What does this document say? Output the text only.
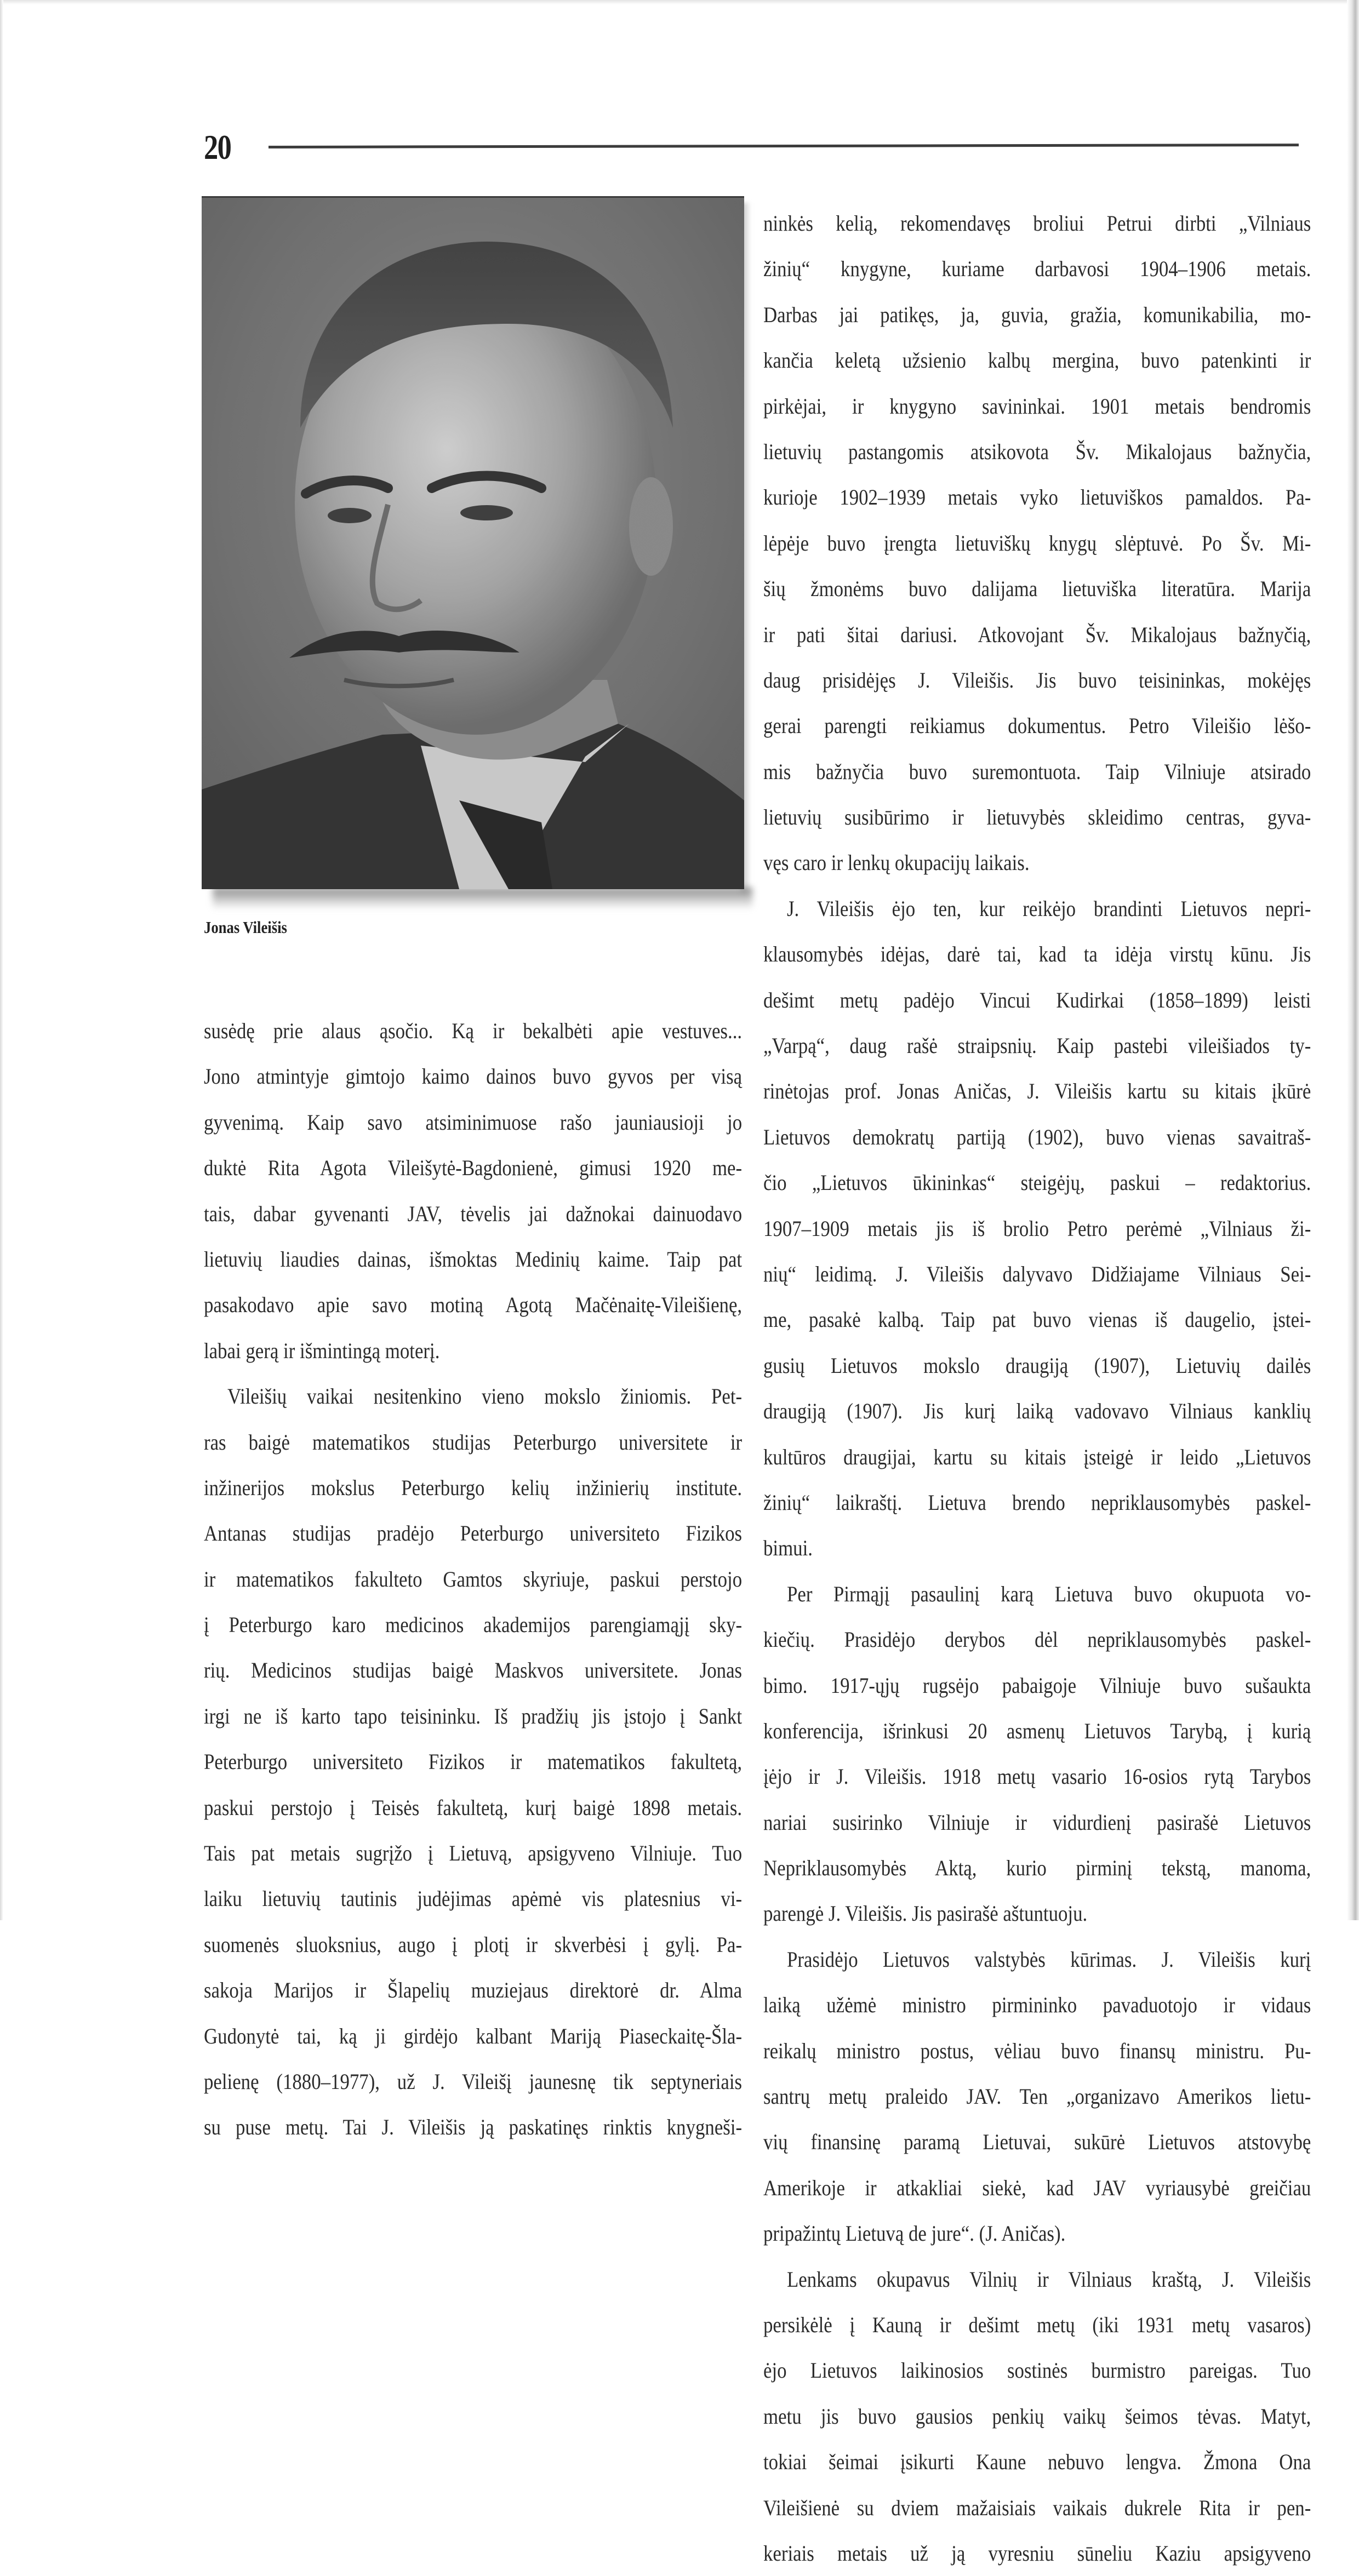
20
Jonas Vileišis
susėdę prie alaus ąsočio. Ką ir bekalbėti apie vestuves...
Jono atmintyje gimtojo kaimo dainos buvo gyvos per visą
gyvenimą. Kaip savo atsiminimuose rašo jauniausioji jo
duktė Rita Agota Vileišytė-Bagdonienė, gimusi 1920 me-
tais, dabar gyvenanti JAV, tėvelis jai dažnokai dainuodavo
lietuvių liaudies dainas, išmoktas Medinių kaime. Taip pat
pasakodavo apie savo motiną Agotą Mačėnaitę-Vileišienę,
labai gerą ir išmintingą moterį.
Vileišių vaikai nesitenkino vieno mokslo žiniomis. Pet-
ras baigė matematikos studijas Peterburgo universitete ir
inžinerijos mokslus Peterburgo kelių inžinierių institute.
Antanas studijas pradėjo Peterburgo universiteto Fizikos
ir matematikos fakulteto Gamtos skyriuje, paskui perstojo
į Peterburgo karo medicinos akademijos parengiamąjį sky-
rių. Medicinos studijas baigė Maskvos universitete. Jonas
irgi ne iš karto tapo teisininku. Iš pradžių jis įstojo į Sankt
Peterburgo universiteto Fizikos ir matematikos fakultetą,
paskui perstojo į Teisės fakultetą, kurį baigė 1898 metais.
Tais pat metais sugrįžo į Lietuvą, apsigyveno Vilniuje. Tuo
laiku lietuvių tautinis judėjimas apėmė vis platesnius vi-
suomenės sluoksnius, augo į plotį ir skverbėsi į gylį. Pa-
sakoja Marijos ir Šlapelių muziejaus direktorė dr. Alma
Gudonytė tai, ką ji girdėjo kalbant Mariją Piaseckaitę-Šla-
pelienę (1880–1977), už J. Vileišį jaunesnę tik septyneriais
su puse metų. Tai J. Vileišis ją paskatinęs rinktis knygneši-
ninkės kelią, rekomendavęs broliui Petrui dirbti „Vilniaus
žinių“ knygyne, kuriame darbavosi 1904–1906 metais.
Darbas jai patikęs, ja, guvia, gražia, komunikabilia, mo-
kančia keletą užsienio kalbų mergina, buvo patenkinti ir
pirkėjai, ir knygyno savininkai. 1901 metais bendromis
lietuvių pastangomis atsikovota Šv. Mikalojaus bažnyčia,
kurioje 1902–1939 metais vyko lietuviškos pamaldos. Pa-
lėpėje buvo įrengta lietuviškų knygų slėptuvė. Po Šv. Mi-
šių žmonėms buvo dalijama lietuviška literatūra. Marija
ir pati šitai dariusi. Atkovojant Šv. Mikalojaus bažnyčią,
daug prisidėjęs J. Vileišis. Jis buvo teisininkas, mokėjęs
gerai parengti reikiamus dokumentus. Petro Vileišio lėšo-
mis bažnyčia buvo suremontuota. Taip Vilniuje atsirado
lietuvių susibūrimo ir lietuvybės skleidimo centras, gyva-
vęs caro ir lenkų okupacijų laikais.
J. Vileišis ėjo ten, kur reikėjo brandinti Lietuvos nepri-
klausomybės idėjas, darė tai, kad ta idėja virstų kūnu. Jis
dešimt metų padėjo Vincui Kudirkai (1858–1899) leisti
„Varpą“, daug rašė straipsnių. Kaip pastebi vileišiados ty-
rinėtojas prof. Jonas Aničas, J. Vileišis kartu su kitais įkūrė
Lietuvos demokratų partiją (1902), buvo vienas savaitraš-
čio „Lietuvos ūkininkas“ steigėjų, paskui – redaktorius.
1907–1909 metais jis iš brolio Petro perėmė „Vilniaus ži-
nių“ leidimą. J. Vileišis dalyvavo Didžiajame Vilniaus Sei-
me, pasakė kalbą. Taip pat buvo vienas iš daugelio, įstei-
gusių Lietuvos mokslo draugiją (1907), Lietuvių dailės
draugiją (1907). Jis kurį laiką vadovavo Vilniaus kanklių
kultūros draugijai, kartu su kitais įsteigė ir leido „Lietuvos
žinių“ laikraštį. Lietuva brendo nepriklausomybės paskel-
bimui.
Per Pirmąjį pasaulinį karą Lietuva buvo okupuota vo-
kiečių. Prasidėjo derybos dėl nepriklausomybės paskel-
bimo. 1917-ųjų rugsėjo pabaigoje Vilniuje buvo sušaukta
konferencija, išrinkusi 20 asmenų Lietuvos Tarybą, į kurią
įėjo ir J. Vileišis. 1918 metų vasario 16-osios rytą Tarybos
nariai susirinko Vilniuje ir vidurdienį pasirašė Lietuvos
Nepriklausomybės Aktą, kurio pirminį tekstą, manoma,
parengė J. Vileišis. Jis pasirašė aštuntuoju.
Prasidėjo Lietuvos valstybės kūrimas. J. Vileišis kurį
laiką užėmė ministro pirmininko pavaduotojo ir vidaus
reikalų ministro postus, vėliau buvo finansų ministru. Pu-
santrų metų praleido JAV. Ten „organizavo Amerikos lietu-
vių finansinę paramą Lietuvai, sukūrė Lietuvos atstovybę
Amerikoje ir atkakliai siekė, kad JAV vyriausybė greičiau
pripažintų Lietuvą de jure“. (J. Aničas).
Lenkams okupavus Vilnių ir Vilniaus kraštą, J. Vileišis
persikėlė į Kauną ir dešimt metų (iki 1931 metų vasaros)
ėjo Lietuvos laikinosios sostinės burmistro pareigas. Tuo
metu jis buvo gausios penkių vaikų šeimos tėvas. Matyt,
tokiai šeimai įsikurti Kaune nebuvo lengva. Žmona Ona
Vileišienė su dviem mažaisiais vaikais dukrele Rita ir pen-
keriais metais už ją vyresniu sūneliu Kaziu apsigyveno
